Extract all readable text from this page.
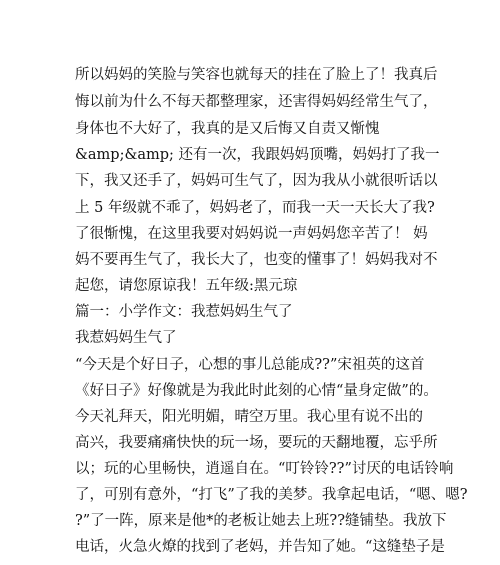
所以妈妈的笑脸与笑容也就每天的挂在了脸上了！我真后
悔以前为什么不每天都整理家，还害得妈妈经常生气了，
身体也不大好了，我真的是又后悔又自责又惭愧
&amp;&amp; 还有一次，我跟妈妈顶嘴，妈妈打了我一
下，我又还手了，妈妈可生气了，因为我从小就很听话以
上 5 年级就不乖了，妈妈老了，而我一天一天长大了我?
了很惭愧，在这里我要对妈妈说一声妈妈您辛苦了！ 妈
妈不要再生气了，我长大了，也变的懂事了！妈妈我对不
起您，请您原谅我！五年级:黑元琼
篇一：小学作文：我惹妈妈生气了
我惹妈妈生气了
“今天是个好日子，心想的事儿总能成??”宋祖英的这首
《好日子》好像就是为我此时此刻的心情“量身定做”的。
今天礼拜天，阳光明媚，晴空万里。我心里有说不出的
高兴，我要痛痛快快的玩一场，要玩的天翻地覆，忘乎所
以；玩的心里畅快，逍遥自在。“叮铃铃??”讨厌的电话铃响
了，可别有意外，“打飞”了我的美梦。我拿起电话，“嗯、嗯?
?”了一阵，原来是他*的老板让她去上班??缝铺垫。我放下
电话，火急火燎的找到了老妈，并告知了她。“这缝垫子是
